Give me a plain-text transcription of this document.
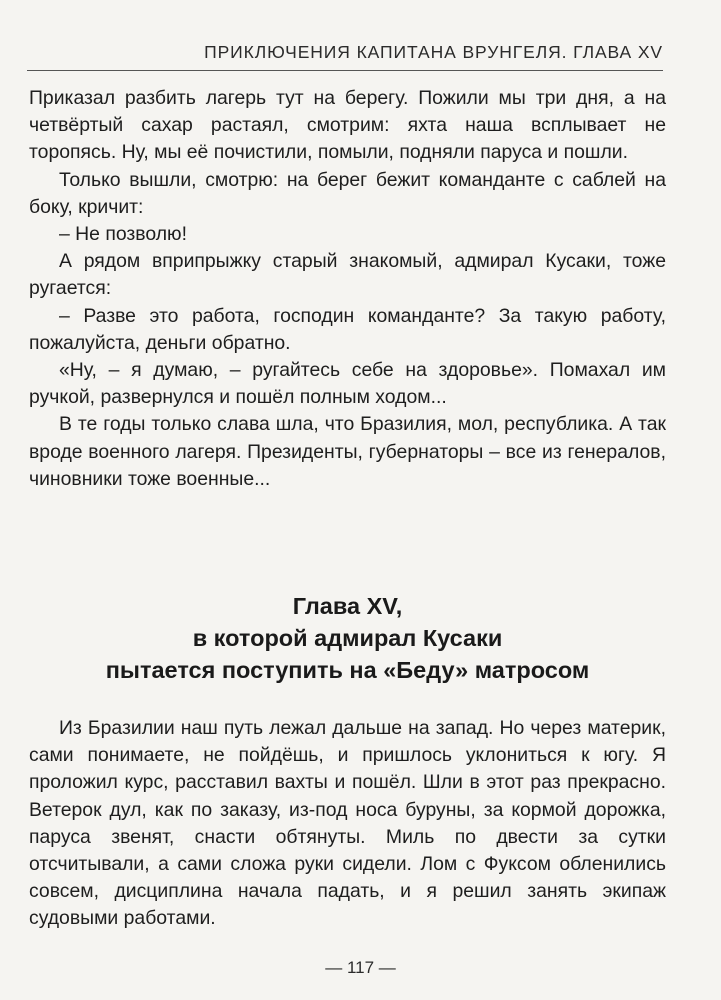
ПРИКЛЮЧЕНИЯ КАПИТАНА ВРУНГЕЛЯ. ГЛАВА XV

Приказал разбить лагерь тут на берегу. Пожили мы три дня, а на четвёртый сахар растаял, смотрим: яхта наша всплывает не торопясь. Ну, мы её почистили, помыли, подняли паруса и пошли.

Только вышли, смотрю: на берег бежит команданте с саблей на боку, кричит:

– Не позволю!

А рядом вприпрыжку старый знакомый, адмирал Кусаки, тоже ругается:

– Разве это работа, господин команданте? За такую работу, пожалуйста, деньги обратно.

«Ну, – я думаю, – ругайтесь себе на здоровье». Помахал им ручкой, развернулся и пошёл полным ходом...

В те годы только слава шла, что Бразилия, мол, республика. А так вроде военного лагеря. Президенты, губернаторы – все из генералов, чиновники тоже военные...

Глава XV,
в которой адмирал Кусаки
пытается поступить на «Беду» матросом

Из Бразилии наш путь лежал дальше на запад. Но через материк, сами понимаете, не пойдёшь, и пришлось уклониться к югу. Я проложил курс, расставил вахты и пошёл. Шли в этот раз прекрасно. Ветерок дул, как по заказу, из-под носа буруны, за кормой дорожка, паруса звенят, снасти обтянуты. Миль по двести за сутки отсчитывали, а сами сложа руки сидели. Лом с Фуксом обленились совсем, дисциплина начала падать, и я решил занять экипаж судовыми работами.

— 117 —
